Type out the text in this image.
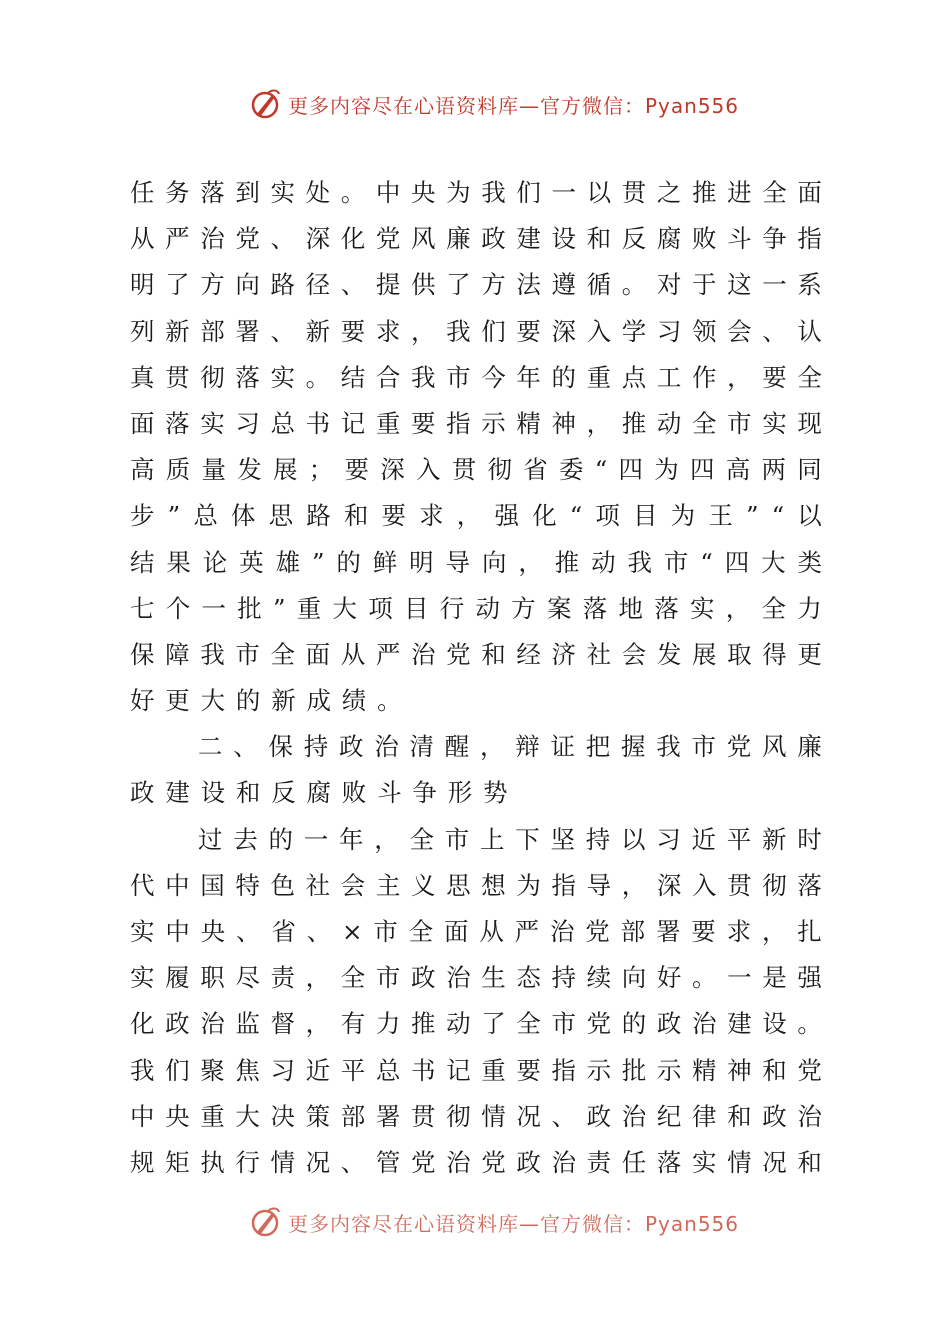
更多内容尽在心语资料库—官方微信：Pyan556
任 务 落 到 实 处 。 中 央 为 我 们 一 以 贯 之 推 进 全 面
从 严 治 党 、 深 化 党 风 廉 政 建 设 和 反 腐 败 斗 争 指
明 了 方 向 路 径 、 提 供 了 方 法 遵 循 。 对 于 这 一 系
列 新 部 署 、 新 要 求 ， 我 们 要 深 入 学 习 领 会 、 认
真 贯 彻 落 实 。 结 合 我 市 今 年 的 重 点 工 作 ， 要 全
面 落 实 习 总 书 记 重 要 指 示 精 神 ， 推 动 全 市 实 现
高 质 量 发 展 ； 要 深 入 贯 彻 省 委 “ 四 为 四 高 两 同
步 ” 总 体 思 路 和 要 求 ， 强 化 “ 项 目 为 王 ” “ 以
结 果 论 英 雄 ” 的 鲜 明 导 向 ， 推 动 我 市 “ 四 大 类
七 个 一 批 ” 重 大 项 目 行 动 方 案 落 地 落 实 ， 全 力
保 障 我 市 全 面 从 严 治 党 和 经 济 社 会 发 展 取 得 更
好更大的新成绩。
二 、 保 持 政 治 清 醒 ， 辩 证 把 握 我 市 党 风 廉
政建设和反腐败斗争形势
过 去 的 一 年 ， 全 市 上 下 坚 持 以 习 近 平 新 时
代 中 国 特 色 社 会 主 义 思 想 为 指 导 ， 深 入 贯 彻 落
实 中 央 、 省 、 × 市 全 面 从 严 治 党 部 署 要 求 ， 扎
实 履 职 尽 责 ， 全 市 政 治 生 态 持 续 向 好 。 一 是 强
化 政 治 监 督 ， 有 力 推 动 了 全 市 党 的 政 治 建 设 。
我 们 聚 焦 习 近 平 总 书 记 重 要 指 示 批 示 精 神 和 党
中 央 重 大 决 策 部 署 贯 彻 情 况 、 政 治 纪 律 和 政 治
规 矩 执 行 情 况 、 管 党 治 党 政 治 责 任 落 实 情 况 和
更多内容尽在心语资料库—官方微信：Pyan556
